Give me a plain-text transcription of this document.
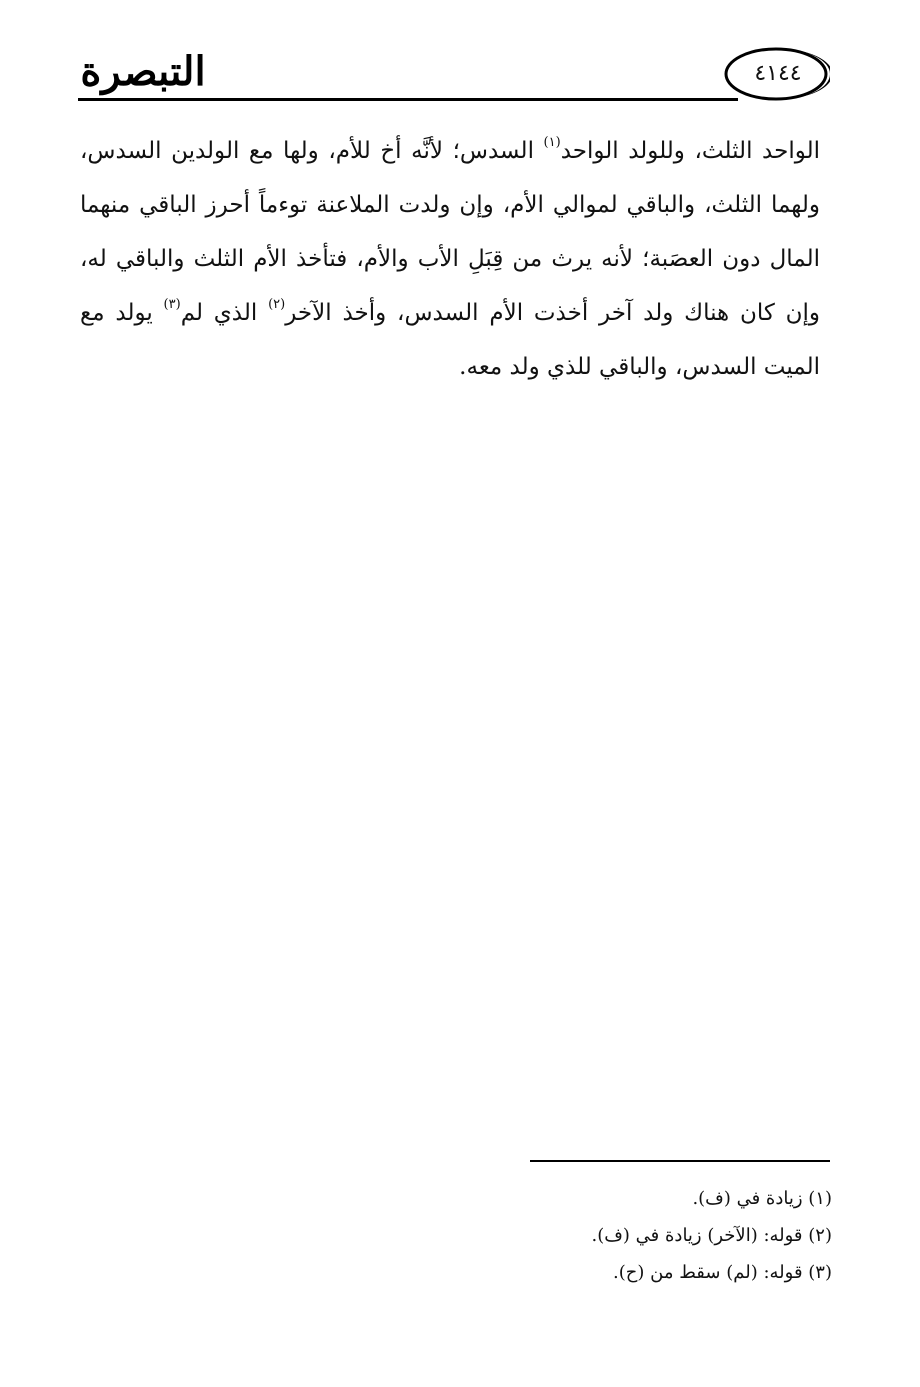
التبصرة	٤١٤٤

الواحد الثلث، وللولد الواحد$^{(١)}$ السدس؛ لأنَّه أخ للأم، ولها مع الولدين السدس، ولهما الثلث، والباقي لموالي الأم، وإن ولدت الملاعنة توءماً أحرز الباقي منهما المال دون العصَبة؛ لأنه يرث من قِبَلِ الأب والأم، فتأخذ الأم الثلث والباقي له، وإن كان هناك ولد آخر أخذت الأم السدس، وأخذ الآخر$^{(٢)}$ الذي لم$^{(٣)}$ يولد مع الميت السدس، والباقي للذي ولد معه.

(١) زيادة في (ف).
(٢) قوله: (الآخر) زيادة في (ف).
(٣) قوله: (لم) سقط من (ح).
